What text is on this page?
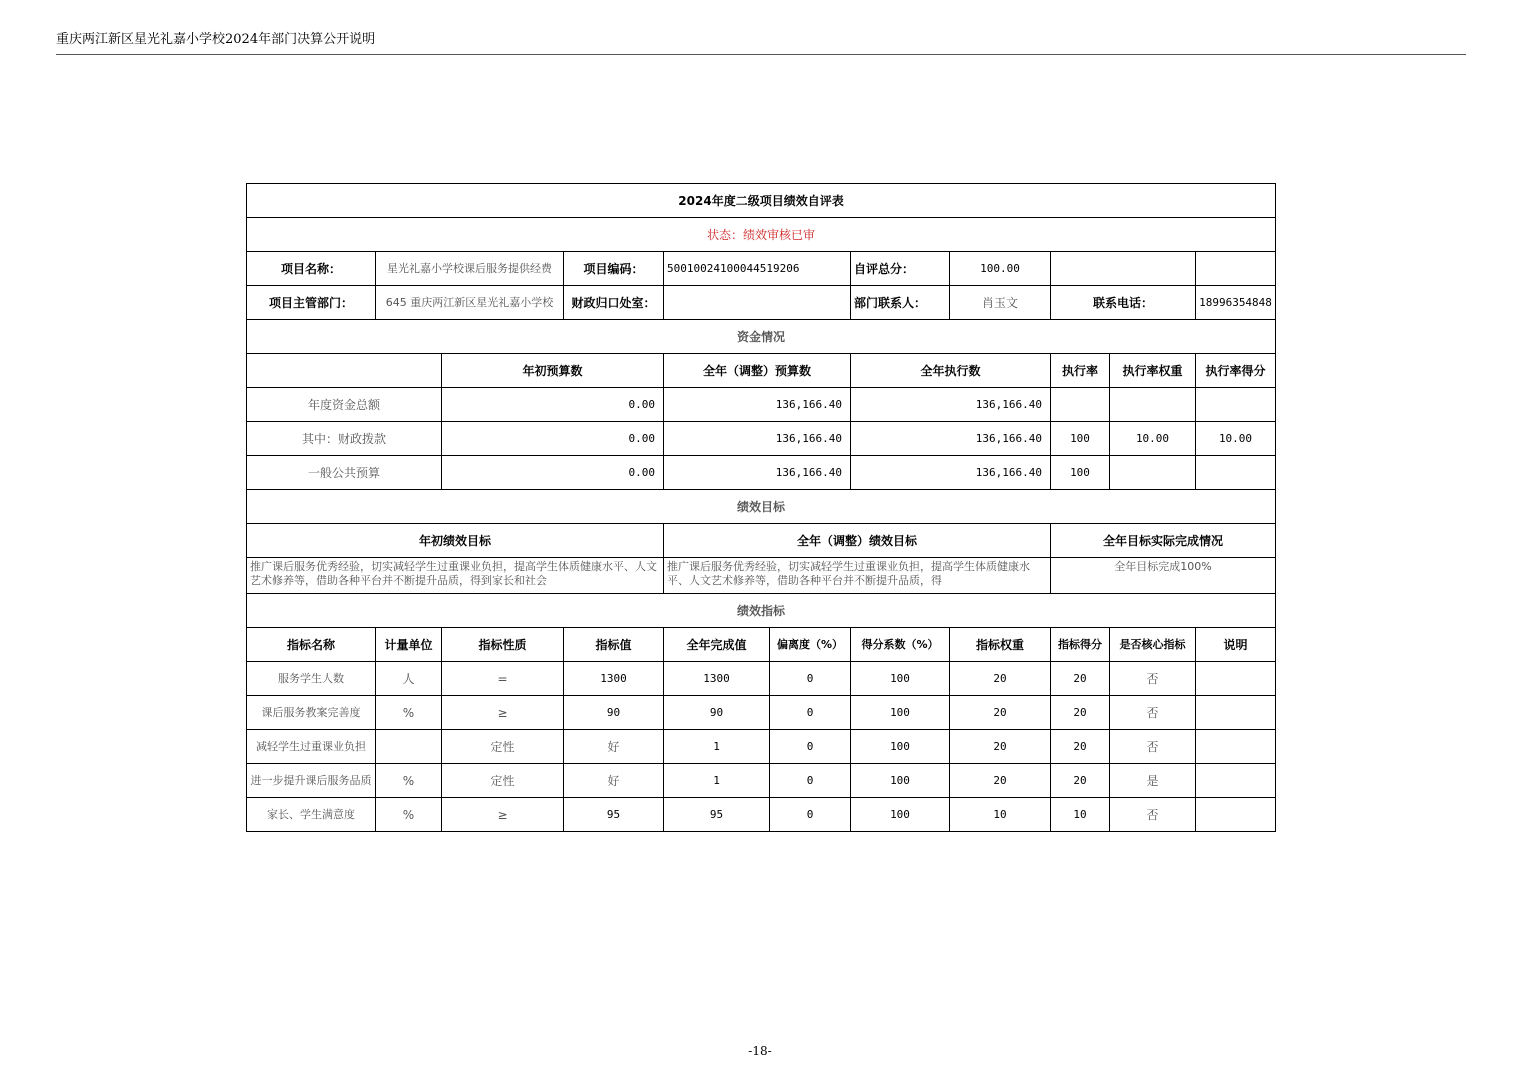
重庆两江新区星光礼嘉小学校2024年部门决算公开说明
2024年度二级项目绩效自评表										
状态：绩效审核已审										
项目名称：	星光礼嘉小学校课后服务提供经费		项目编码：	50010024100044519206		自评总分：	100.00			
项目主管部门：	645 重庆两江新区星光礼嘉小学校		财政归口处室：			部门联系人：	肖玉文	联系电话：		18996354848
资金情况										
		年初预算数		全年（调整）预算数		全年执行数		执行率	执行率权重	执行率得分
年度资金总额		0.00		136,166.40		136,166.40				
其中：财政拨款		0.00		136,166.40		136,166.40		100	10.00	10.00
一般公共预算		0.00		136,166.40		136,166.40		100		
绩效目标										
年初绩效目标				全年（调整）绩效目标				全年目标实际完成情况		
推广课后服务优秀经验，切实减轻学生过重课业负担，提高学生体质健康水平、人文艺术修养等，借助各种平台并不断提升品质，得到家长和社会				推广课后服务优秀经验，切实减轻学生过重课业负担，提高学生体质健康水平、人文艺术修养等，借助各种平台并不断提升品质，得				全年目标完成100%		
绩效指标										
指标名称	计量单位	指标性质	指标值	全年完成值	偏离度（%）	得分系数（%）	指标权重	指标得分	是否核心指标	说明
服务学生人数	人	=	1300	1300	0	100	20	20	否	
课后服务教案完善度	%	≥	90	90	0	100	20	20	否	
减轻学生过重课业负担		定性	好	1	0	100	20	20	否	
进一步提升课后服务品质	%	定性	好	1	0	100	20	20	是	
家长、学生满意度	%	≥	95	95	0	100	10	10	否	
-18-
